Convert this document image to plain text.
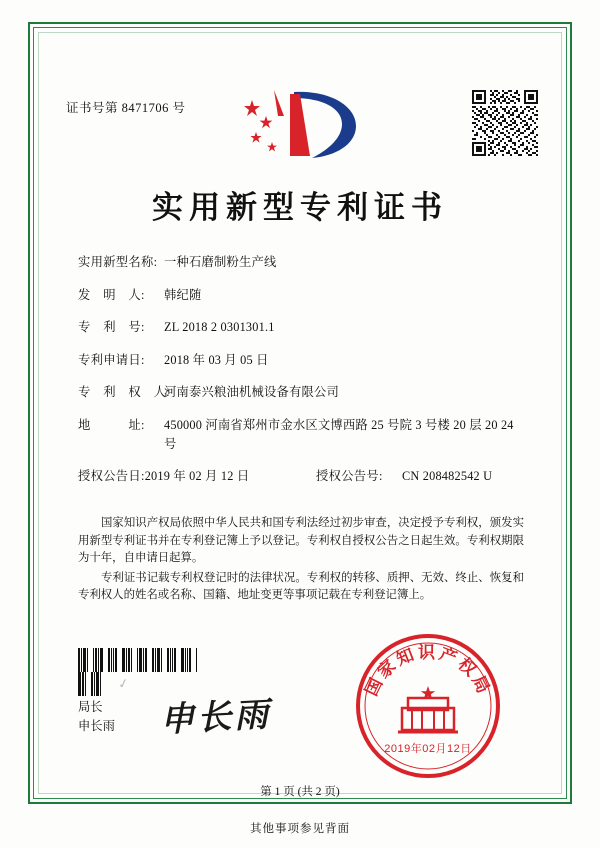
证书号第 8471706 号
实用新型专利证书
实用新型名称: 一种石磨制粉生产线
发　明　人:	韩纪随
专　利　号:	ZL 2018 2 0301301.1
专利申请日:	2018 年 03 月 05 日
专　利　权　人:
河南泰兴粮油机械设备有限公司
地　　　址:	450000 河南省郑州市金水区文博西路 25 号院 3 号楼 20 层 20 24 号
授权公告日: 2019 年 02 月 12 日	授权公告号:	CN 208482542 U

国家知识产权局依照中华人民共和国专利法经过初步审查，决定授予专利权，颁发实用新型专利证书并在专利登记簿上予以登记。专利权自授权公告之日起生效。专利权期限为十年，自申请日起算。

专利证书记载专利权登记时的法律状况。专利权的转移、质押、无效、终止、恢复和专利权人的姓名或名称、国籍、地址变更等事项记载在专利登记簿上。

✓
局长
申长雨 申长雨
国家知识产权局
2019年02月12日
第 1 页 (共 2 页)
其他事项参见背面
